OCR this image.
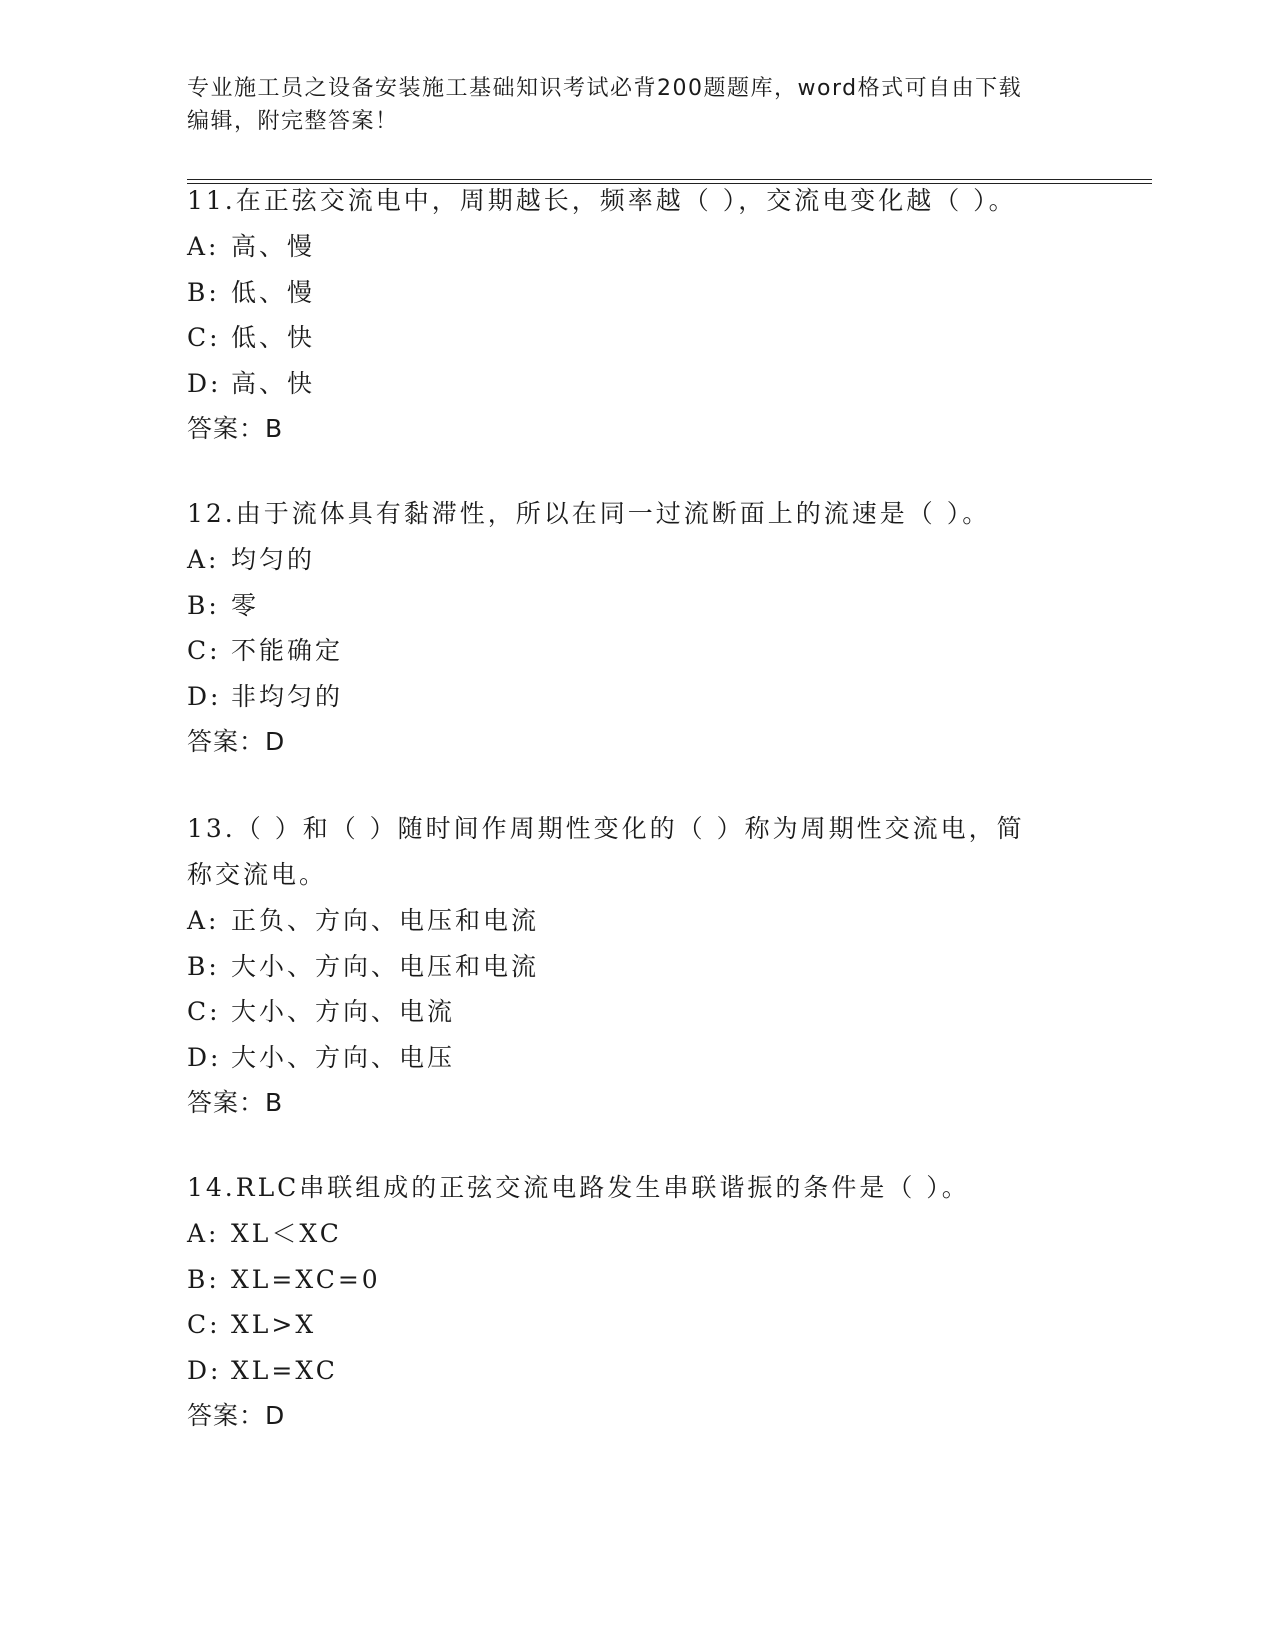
专业施工员之设备安装施工基础知识考试必背200题题库，word格式可自由下载
编辑，附完整答案！
11.在正弦交流电中，周期越长，频率越（ ），交流电变化越（ ）。
A: 高、慢
B: 低、慢
C: 低、快
D: 高、快
答案：B
12.由于流体具有黏滞性，所以在同一过流断面上的流速是（ ）。
A: 均匀的
B: 零
C: 不能确定
D: 非均匀的
答案：D
13.（ ）和（ ）随时间作周期性变化的（ ）称为周期性交流电，简
称交流电。
A: 正负、方向、电压和电流
B: 大小、方向、电压和电流
C: 大小、方向、电流
D: 大小、方向、电压
答案：B
14.RLC串联组成的正弦交流电路发生串联谐振的条件是（ ）。
A: XL＜XC
B: XL=XC=0
C: XL>X
D: XL=XC
答案：D
